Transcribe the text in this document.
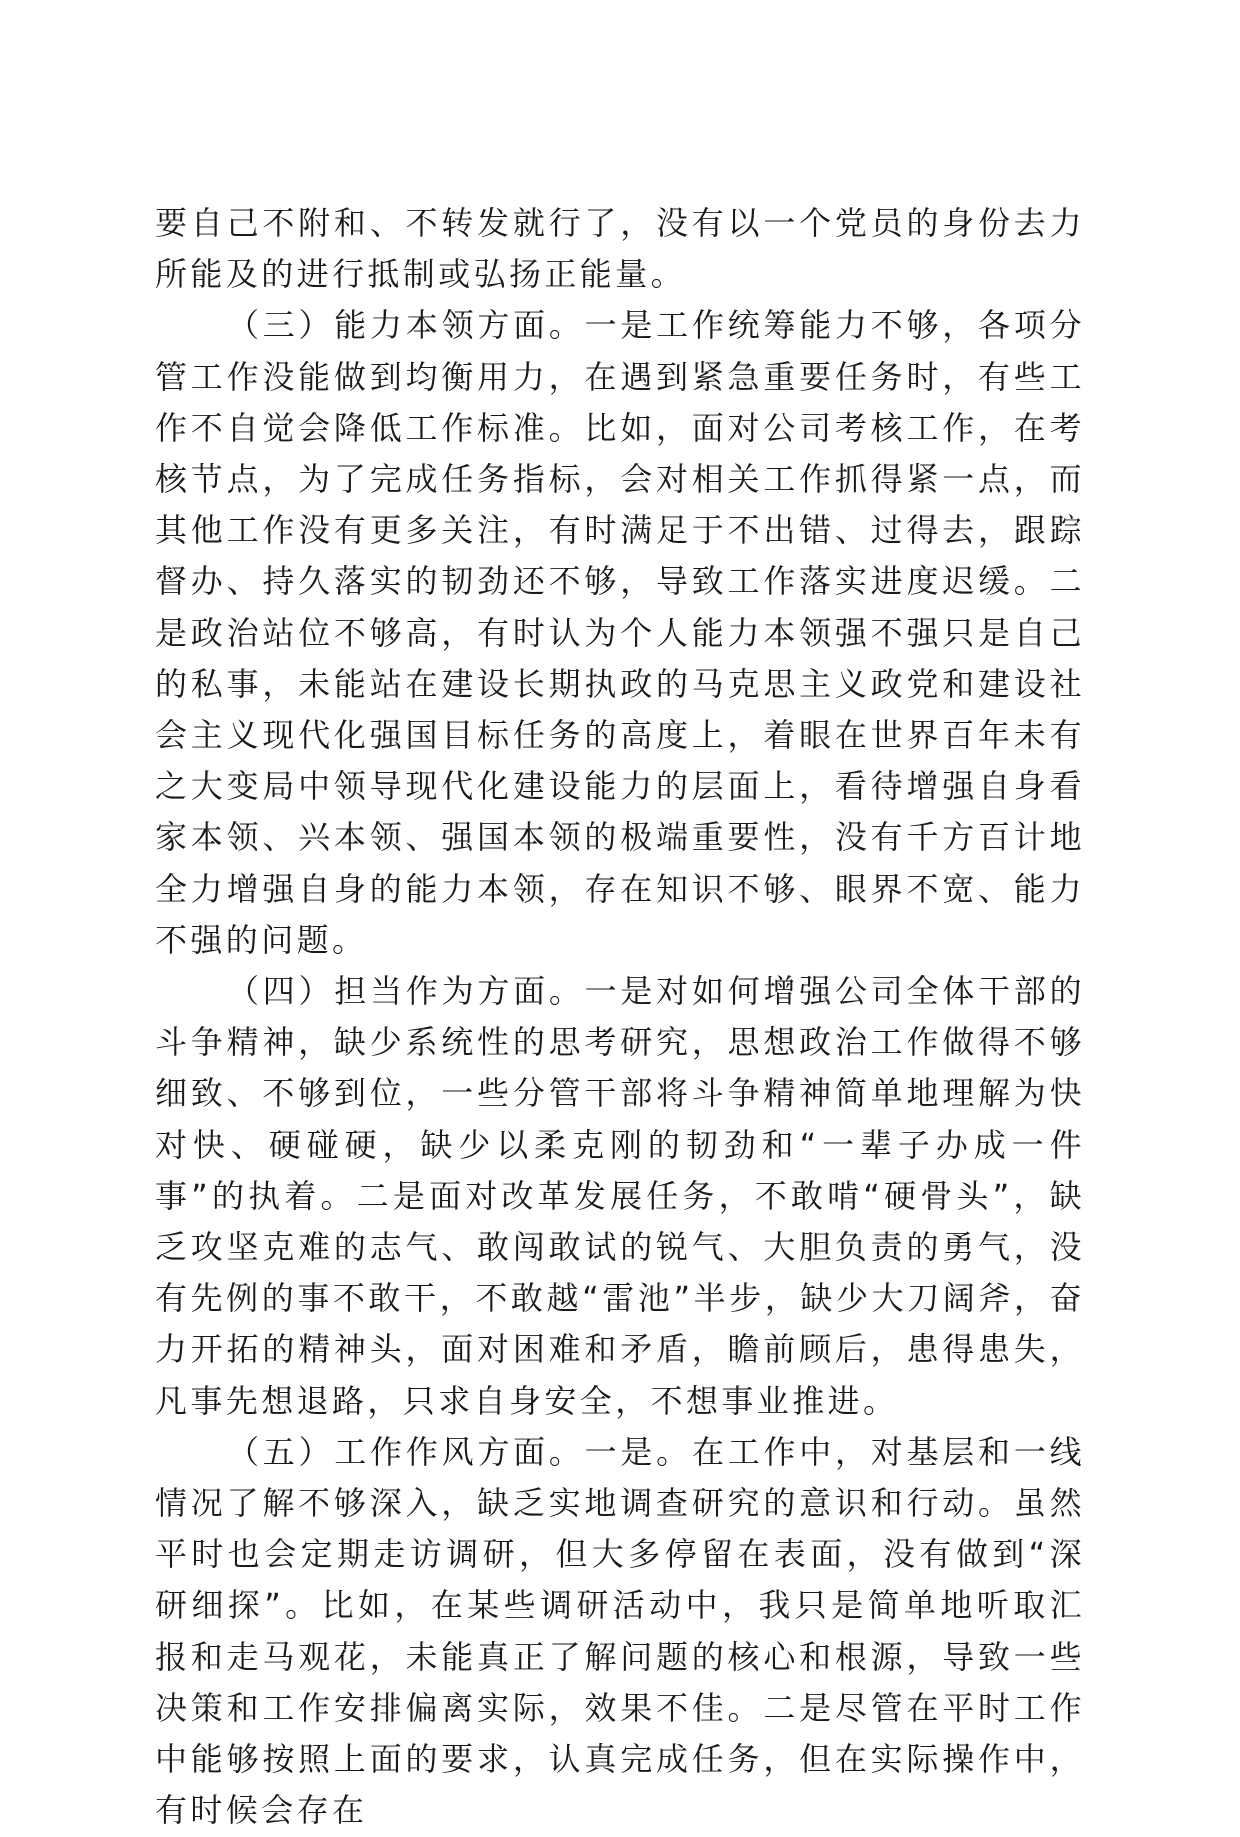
要自己不附和、不转发就行了，没有以一个党员的身份去力所能及的进行抵制或弘扬正能量。

（三）能力本领方面。一是工作统筹能力不够，各项分管工作没能做到均衡用力，在遇到紧急重要任务时，有些工作不自觉会降低工作标准。比如，面对公司考核工作，在考核节点，为了完成任务指标，会对相关工作抓得紧一点，而其他工作没有更多关注，有时满足于不出错、过得去，跟踪督办、持久落实的韧劲还不够，导致工作落实进度迟缓。二是政治站位不够高，有时认为个人能力本领强不强只是自己的私事，未能站在建设长期执政的马克思主义政党和建设社会主义现代化强国目标任务的高度上，着眼在世界百年未有之大变局中领导现代化建设能力的层面上，看待增强自身看家本领、兴本领、强国本领的极端重要性，没有千方百计地全力增强自身的能力本领，存在知识不够、眼界不宽、能力不强的问题。

（四）担当作为方面。一是对如何增强公司全体干部的斗争精神，缺少系统性的思考研究，思想政治工作做得不够细致、不够到位，一些分管干部将斗争精神简单地理解为快对快、硬碰硬，缺少以柔克刚的韧劲和“一辈子办成一件事”的执着。二是面对改革发展任务，不敢啃“硬骨头”，缺乏攻坚克难的志气、敢闯敢试的锐气、大胆负责的勇气，没有先例的事不敢干，不敢越“雷池”半步，缺少大刀阔斧，奋力开拓的精神头，面对困难和矛盾，瞻前顾后，患得患失，凡事先想退路，只求自身安全，不想事业推进。

（五）工作作风方面。一是。在工作中，对基层和一线情况了解不够深入，缺乏实地调查研究的意识和行动。虽然平时也会定期走访调研，但大多停留在表面，没有做到“深研细探”。比如，在某些调研活动中，我只是简单地听取汇报和走马观花，未能真正了解问题的核心和根源，导致一些决策和工作安排偏离实际，效果不佳。二是尽管在平时工作中能够按照上面的要求，认真完成任务，但在实际操作中，有时候会存在
